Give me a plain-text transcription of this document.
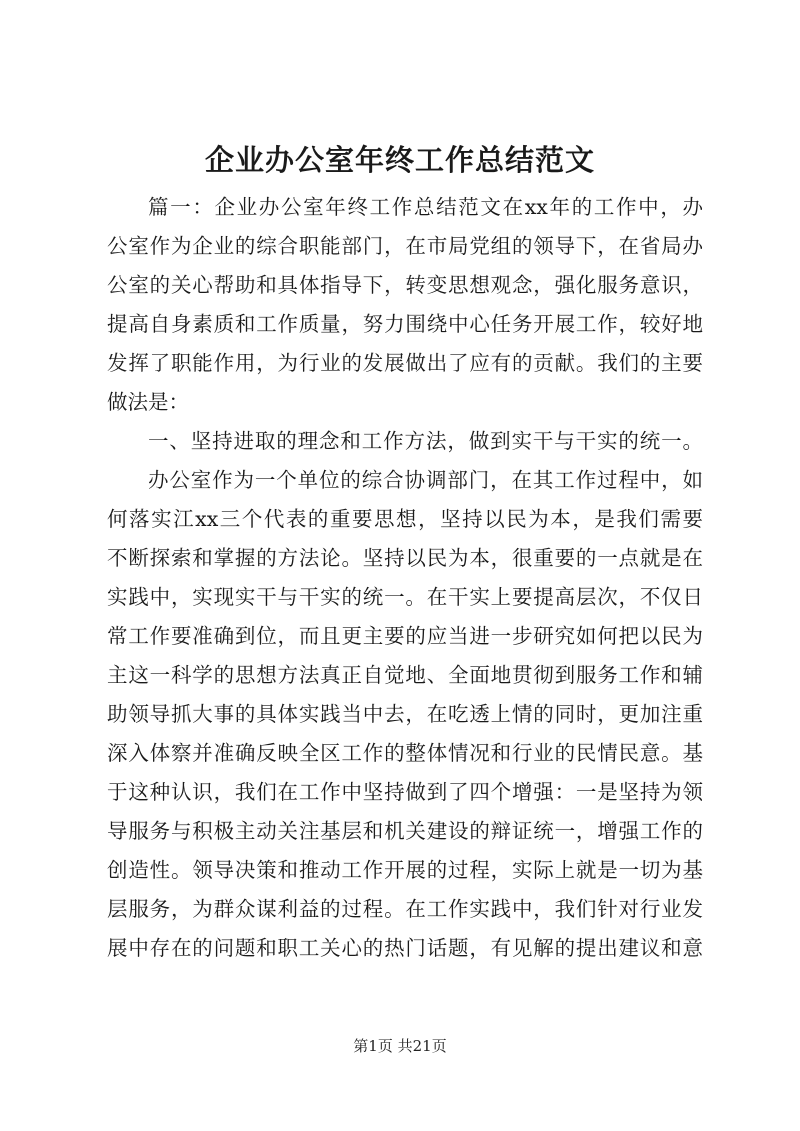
企业办公室年终工作总结范文
篇一：企业办公室年终工作总结范文在xx年的工作中，办
公室作为企业的综合职能部门，在市局党组的领导下，在省局办
公室的关心帮助和具体指导下，转变思想观念，强化服务意识，
提高自身素质和工作质量，努力围绕中心任务开展工作，较好地
发挥了职能作用，为行业的发展做出了应有的贡献。我们的主要
做法是：
一、坚持进取的理念和工作方法，做到实干与干实的统一。
办公室作为一个单位的综合协调部门，在其工作过程中，如
何落实江xx三个代表的重要思想，坚持以民为本，是我们需要
不断探索和掌握的方法论。坚持以民为本，很重要的一点就是在
实践中，实现实干与干实的统一。在干实上要提高层次，不仅日
常工作要准确到位，而且更主要的应当进一步研究如何把以民为
主这一科学的思想方法真正自觉地、全面地贯彻到服务工作和辅
助领导抓大事的具体实践当中去，在吃透上情的同时，更加注重
深入体察并准确反映全区工作的整体情况和行业的民情民意。基
于这种认识，我们在工作中坚持做到了四个增强：一是坚持为领
导服务与积极主动关注基层和机关建设的辩证统一，增强工作的
创造性。领导决策和推动工作开展的过程，实际上就是一切为基
层服务，为群众谋利益的过程。在工作实践中，我们针对行业发
展中存在的问题和职工关心的热门话题，有见解的提出建议和意
第1页 共21页
